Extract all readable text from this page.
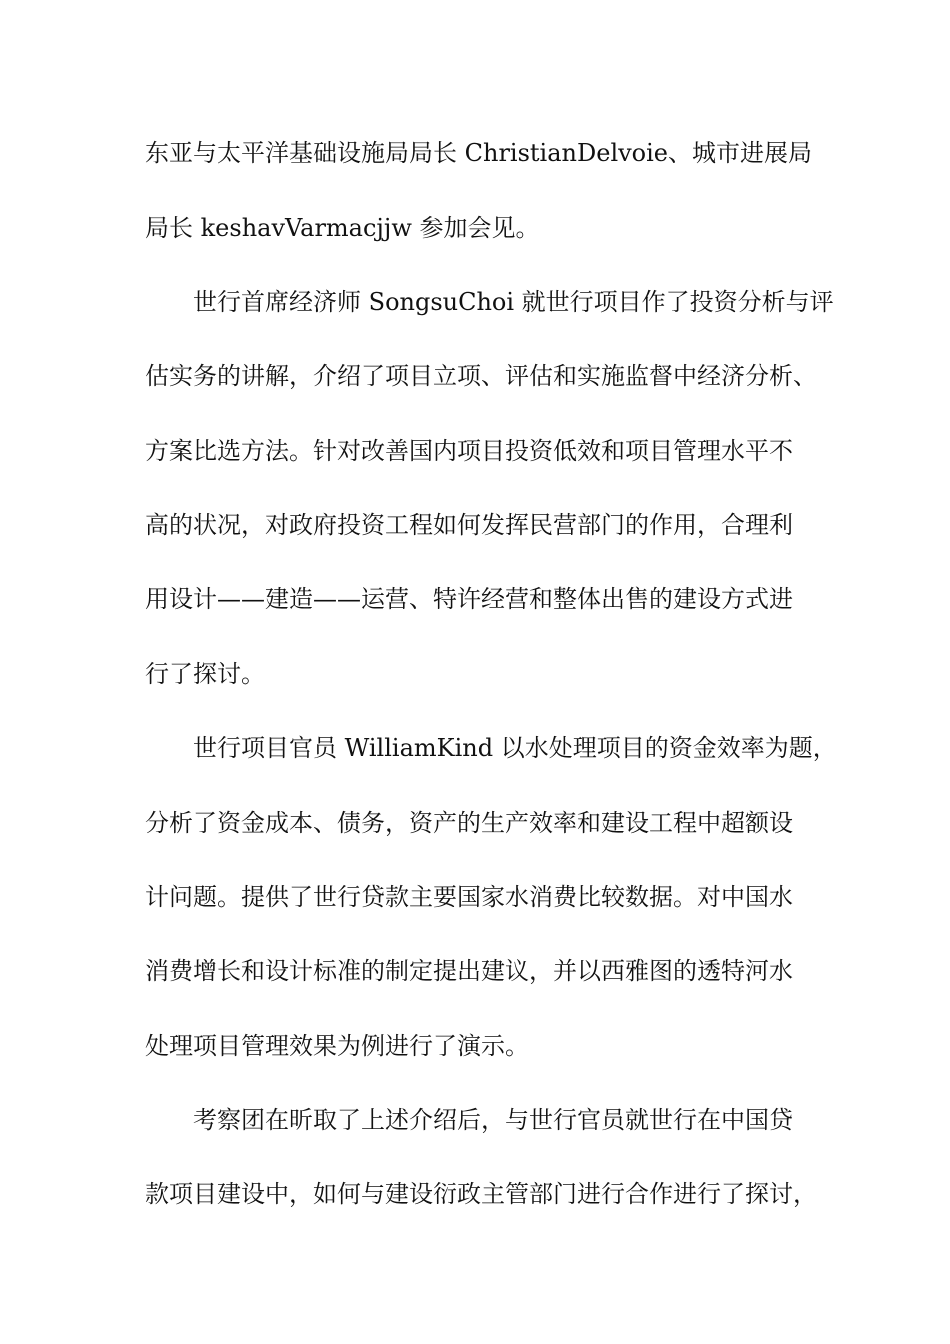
东亚与太平洋基础设施局局长 ChristianDelvoie、城市进展局
局长 keshavVarmacjjw 参加会见。
世行首席经济师 SongsuChoi 就世行项目作了投资分析与评
估实务的讲解，介绍了项目立项、评估和实施监督中经济分析、
方案比选方法。针对改善国内项目投资低效和项目管理水平不
高的状况，对政府投资工程如何发挥民营部门的作用，合理利
用设计——建造——运营、特许经营和整体出售的建设方式进
行了探讨。
世行项目官员 WilliamKind 以水处理项目的资金效率为题，
分析了资金成本、债务，资产的生产效率和建设工程中超额设
计问题。提供了世行贷款主要国家水消费比较数据。对中国水
消费增长和设计标准的制定提出建议，并以西雅图的透特河水
处理项目管理效果为例进行了演示。
考察团在昕取了上述介绍后，与世行官员就世行在中国贷
款项目建设中，如何与建设衍政主管部门进行合作进行了探讨，
